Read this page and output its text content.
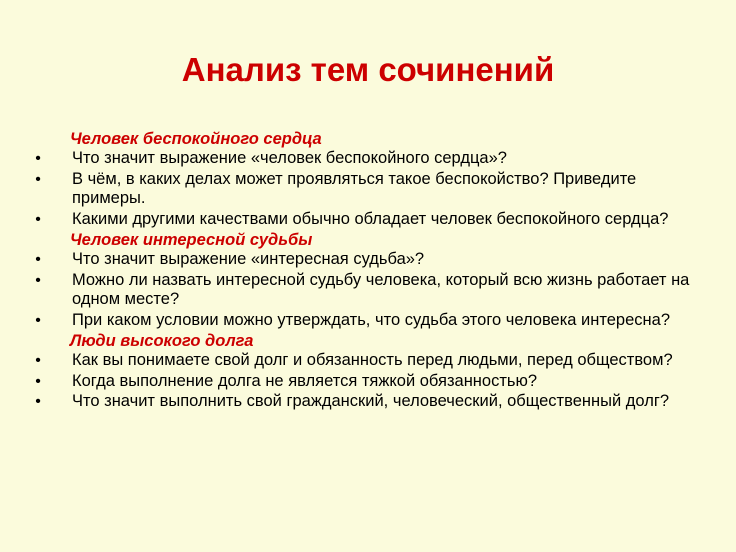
Анализ тем сочинений

Человек беспокойного сердца

• Что значит выражение «человек беспокойного сердца»?
• В чём, в каких делах может проявляться такое беспокойство? Приведите примеры.
• Какими другими качествами обычно обладает человек беспокойного сердца?

Человек интересной судьбы

• Что значит выражение «интересная судьба»?
• Можно ли назвать интересной судьбу человека, который всю жизнь работает на одном месте?
• При каком условии можно утверждать, что судьба этого человека интересна?

Люди высокого долга

• Как вы понимаете свой долг и обязанность перед людьми, перед обществом?
• Когда выполнение долга не является тяжкой обязанностью?
• Что значит выполнить свой гражданский, человеческий, общественный долг?
